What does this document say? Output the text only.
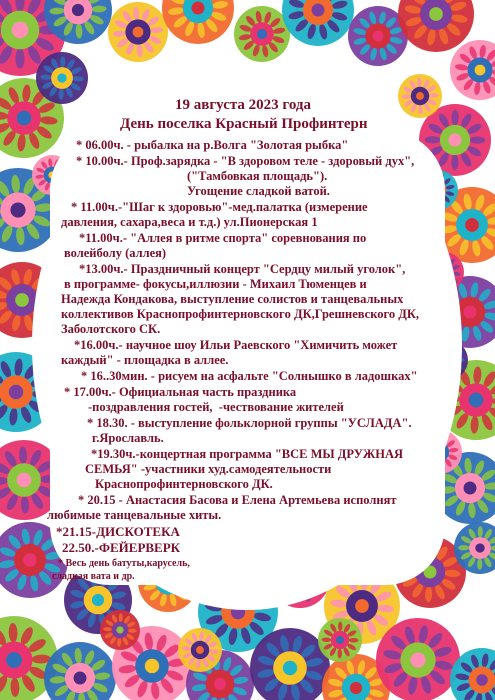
19 августа 2023 года
День поселка Красный Профинтерн
* 06.00ч. - рыбалка на р.Волга "Золотая рыбка"
* 10.00ч.- Проф.зарядка - "В здоровом теле - здоровый дух",
("Тамбовкая площадь").
Угощение сладкой ватой.
* 11.00ч.-"Шаг к здоровью"-мед.палатка (измерение
давления, сахара,веса и т.д.) ул.Пионерская 1
*11.00ч.- "Аллея в ритме спорта" соревнования по
волейболу (аллея)
*13.00ч.- Праздничный концерт "Сердцу милый уголок",
в программе- фокусы,иллюзии - Михаил Тюменцев и
Надежда Кондакова, выступление солистов и танцевальных
коллективов Краснопрофинтерновскогo ДК,Грешневского ДК,
Заболотского СК.
*16.00ч.- научное шоу Ильи Раевского "Химичить может
каждый" - площадка в аллее.
* 16..30мин. - рисуем на асфальте "Солнышко в ладошках"
* 17.00ч.- Официальная часть праздника
-поздравления гостей,  -чествование жителей
* 18.30. - выступление фольклорной группы "УСЛАДА".
г.Ярославль.
*19.30ч.-концертная программа "ВСЕ МЫ ДРУЖНАЯ
СЕМЬЯ" -участники худ.самодеятельности
Краснопрофинтерновского ДК.
* 20.15 - Анастасия Басова и Елена Артемьева исполнят
любимые танцевальные хиты.
*21.15-ДИСКОТЕКА
22.50.-ФЕЙЕРВЕРК
* Весь день батуты,карусель,
сладкая вата и др.
